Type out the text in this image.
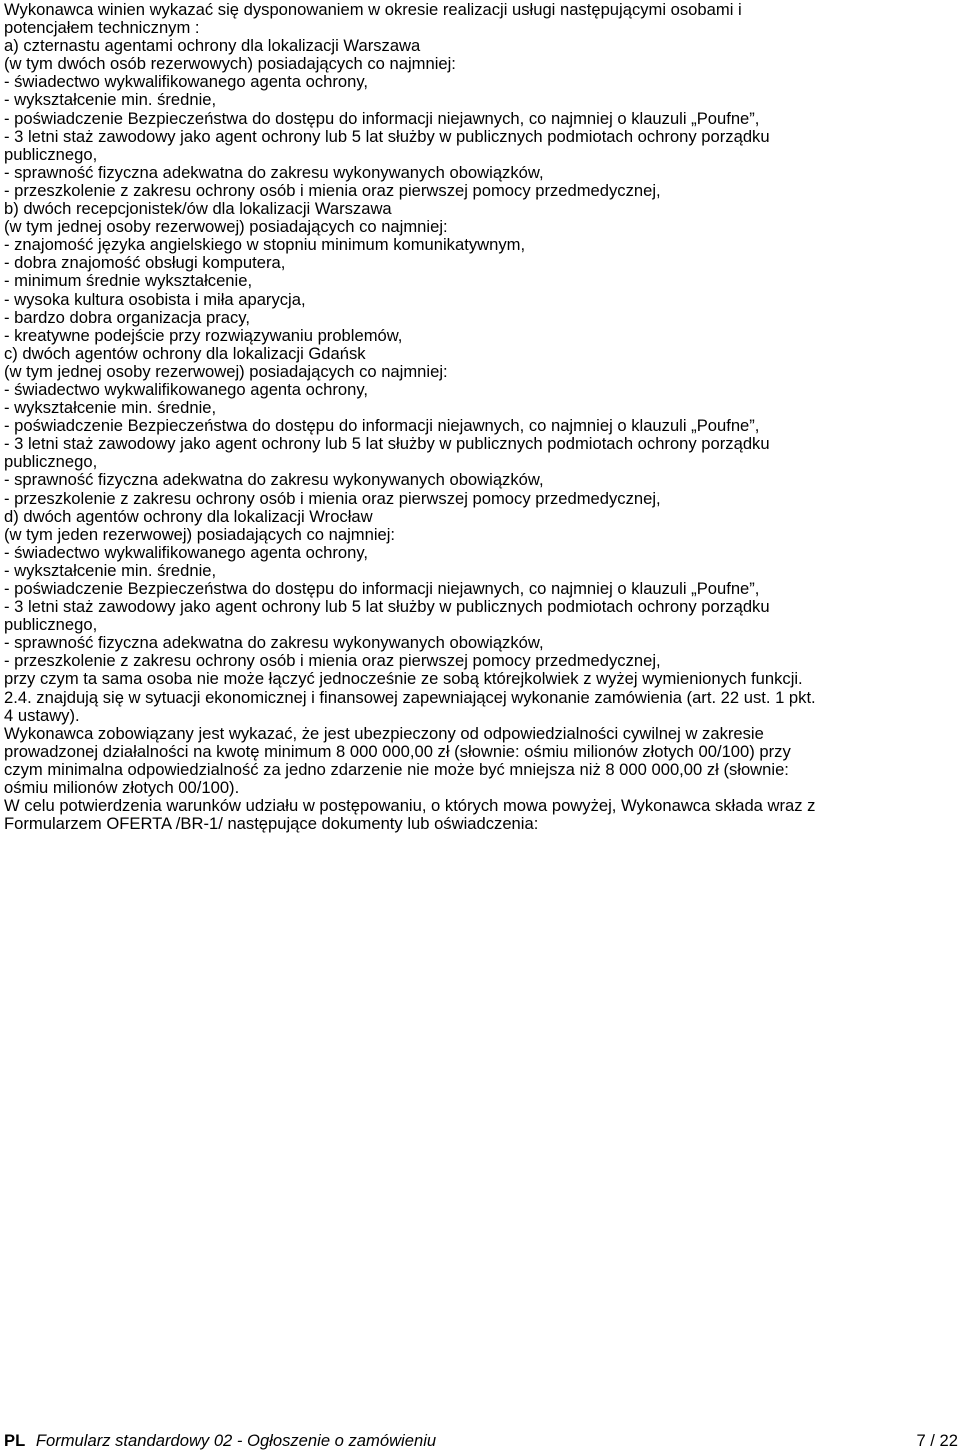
Wykonawca winien wykazać się dysponowaniem w okresie realizacji usługi następującymi osobami i
potencjałem technicznym :
a) czternastu agentami ochrony dla lokalizacji Warszawa
(w tym dwóch osób rezerwowych) posiadających co najmniej:
- świadectwo wykwalifikowanego agenta ochrony,
- wykształcenie min. średnie,
- poświadczenie Bezpieczeństwa do dostępu do informacji niejawnych, co najmniej o klauzuli „Poufne”,
- 3 letni staż zawodowy jako agent ochrony lub 5 lat służby w publicznych podmiotach ochrony porządku
publicznego,
- sprawność fizyczna adekwatna do zakresu wykonywanych obowiązków,
- przeszkolenie z zakresu ochrony osób i mienia oraz pierwszej pomocy przedmedycznej,
b) dwóch recepcjonistek/ów dla lokalizacji Warszawa
(w tym jednej osoby rezerwowej) posiadających co najmniej:
- znajomość języka angielskiego w stopniu minimum komunikatywnym,
- dobra znajomość obsługi komputera,
- minimum średnie wykształcenie,
- wysoka kultura osobista i miła aparycja,
- bardzo dobra organizacja pracy,
- kreatywne podejście przy rozwiązywaniu problemów,
c) dwóch agentów ochrony dla lokalizacji Gdańsk
(w tym jednej osoby rezerwowej) posiadających co najmniej:
- świadectwo wykwalifikowanego agenta ochrony,
- wykształcenie min. średnie,
- poświadczenie Bezpieczeństwa do dostępu do informacji niejawnych, co najmniej o klauzuli „Poufne”,
- 3 letni staż zawodowy jako agent ochrony lub 5 lat służby w publicznych podmiotach ochrony porządku
publicznego,
- sprawność fizyczna adekwatna do zakresu wykonywanych obowiązków,
- przeszkolenie z zakresu ochrony osób i mienia oraz pierwszej pomocy przedmedycznej,
d) dwóch agentów ochrony dla lokalizacji Wrocław
(w tym jeden rezerwowej) posiadających co najmniej:
- świadectwo wykwalifikowanego agenta ochrony,
- wykształcenie min. średnie,
- poświadczenie Bezpieczeństwa do dostępu do informacji niejawnych, co najmniej o klauzuli „Poufne”,
- 3 letni staż zawodowy jako agent ochrony lub 5 lat służby w publicznych podmiotach ochrony porządku
publicznego,
- sprawność fizyczna adekwatna do zakresu wykonywanych obowiązków,
- przeszkolenie z zakresu ochrony osób i mienia oraz pierwszej pomocy przedmedycznej,
przy czym ta sama osoba nie może łączyć jednocześnie ze sobą którejkolwiek z wyżej wymienionych funkcji.
2.4. znajdują się w sytuacji ekonomicznej i finansowej zapewniającej wykonanie zamówienia (art. 22 ust. 1 pkt.
4 ustawy).
Wykonawca zobowiązany jest wykazać, że jest ubezpieczony od odpowiedzialności cywilnej w zakresie
prowadzonej działalności na kwotę minimum 8 000 000,00 zł (słownie: ośmiu milionów złotych 00/100) przy
czym minimalna odpowiedzialność za jedno zdarzenie nie może być mniejsza niż 8 000 000,00 zł (słownie:
ośmiu milionów złotych 00/100).
W celu potwierdzenia warunków udziału w postępowaniu, o których mowa powyżej, Wykonawca składa wraz z
Formularzem OFERTA /BR-1/ następujące dokumenty lub oświadczenia:
PL Formularz standardowy 02 - Ogłoszenie o zamówieniu	7 / 22
